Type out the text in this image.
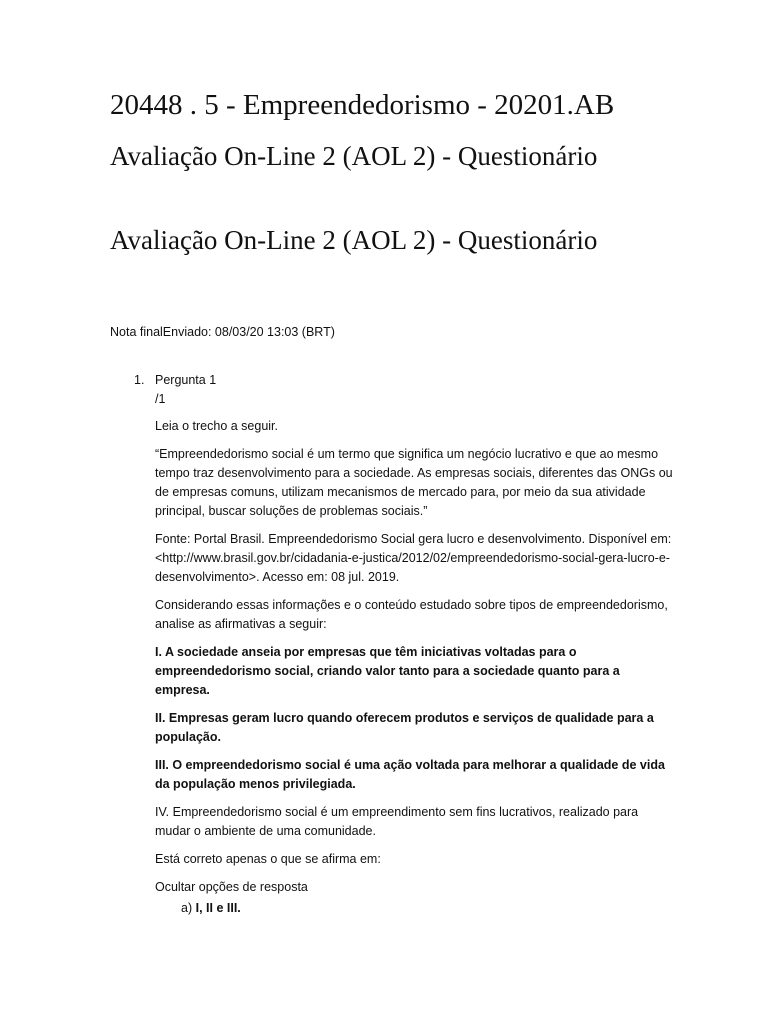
20448 . 5 - Empreendedorismo - 20201.AB
Avaliação On-Line 2 (AOL 2) - Questionário
Avaliação On-Line 2 (AOL 2) - Questionário
Nota finalEnviado: 08/03/20 13:03 (BRT)
1. Pergunta 1
/1

Leia o trecho a seguir.

“Empreendedorismo social é um termo que significa um negócio lucrativo e que ao mesmo tempo traz desenvolvimento para a sociedade. As empresas sociais, diferentes das ONGs ou de empresas comuns, utilizam mecanismos de mercado para, por meio da sua atividade principal, buscar soluções de problemas sociais.”

Fonte: Portal Brasil. Empreendedorismo Social gera lucro e desenvolvimento. Disponível em: <http://www.brasil.gov.br/cidadania-e-justica/2012/02/empreendedorismo-social-gera-lucro-e-desenvolvimento>. Acesso em: 08 jul. 2019.

Considerando essas informações e o conteúdo estudado sobre tipos de empreendedorismo, analise as afirmativas a seguir:

I. A sociedade anseia por empresas que têm iniciativas voltadas para o empreendedorismo social, criando valor tanto para a sociedade quanto para a empresa.

II. Empresas geram lucro quando oferecem produtos e serviços de qualidade para a população.

III. O empreendedorismo social é uma ação voltada para melhorar a qualidade de vida da população menos privilegiada.

IV. Empreendedorismo social é um empreendimento sem fins lucrativos, realizado para mudar o ambiente de uma comunidade.

Está correto apenas o que se afirma em:

Ocultar opções de resposta

a) I, II e III.
